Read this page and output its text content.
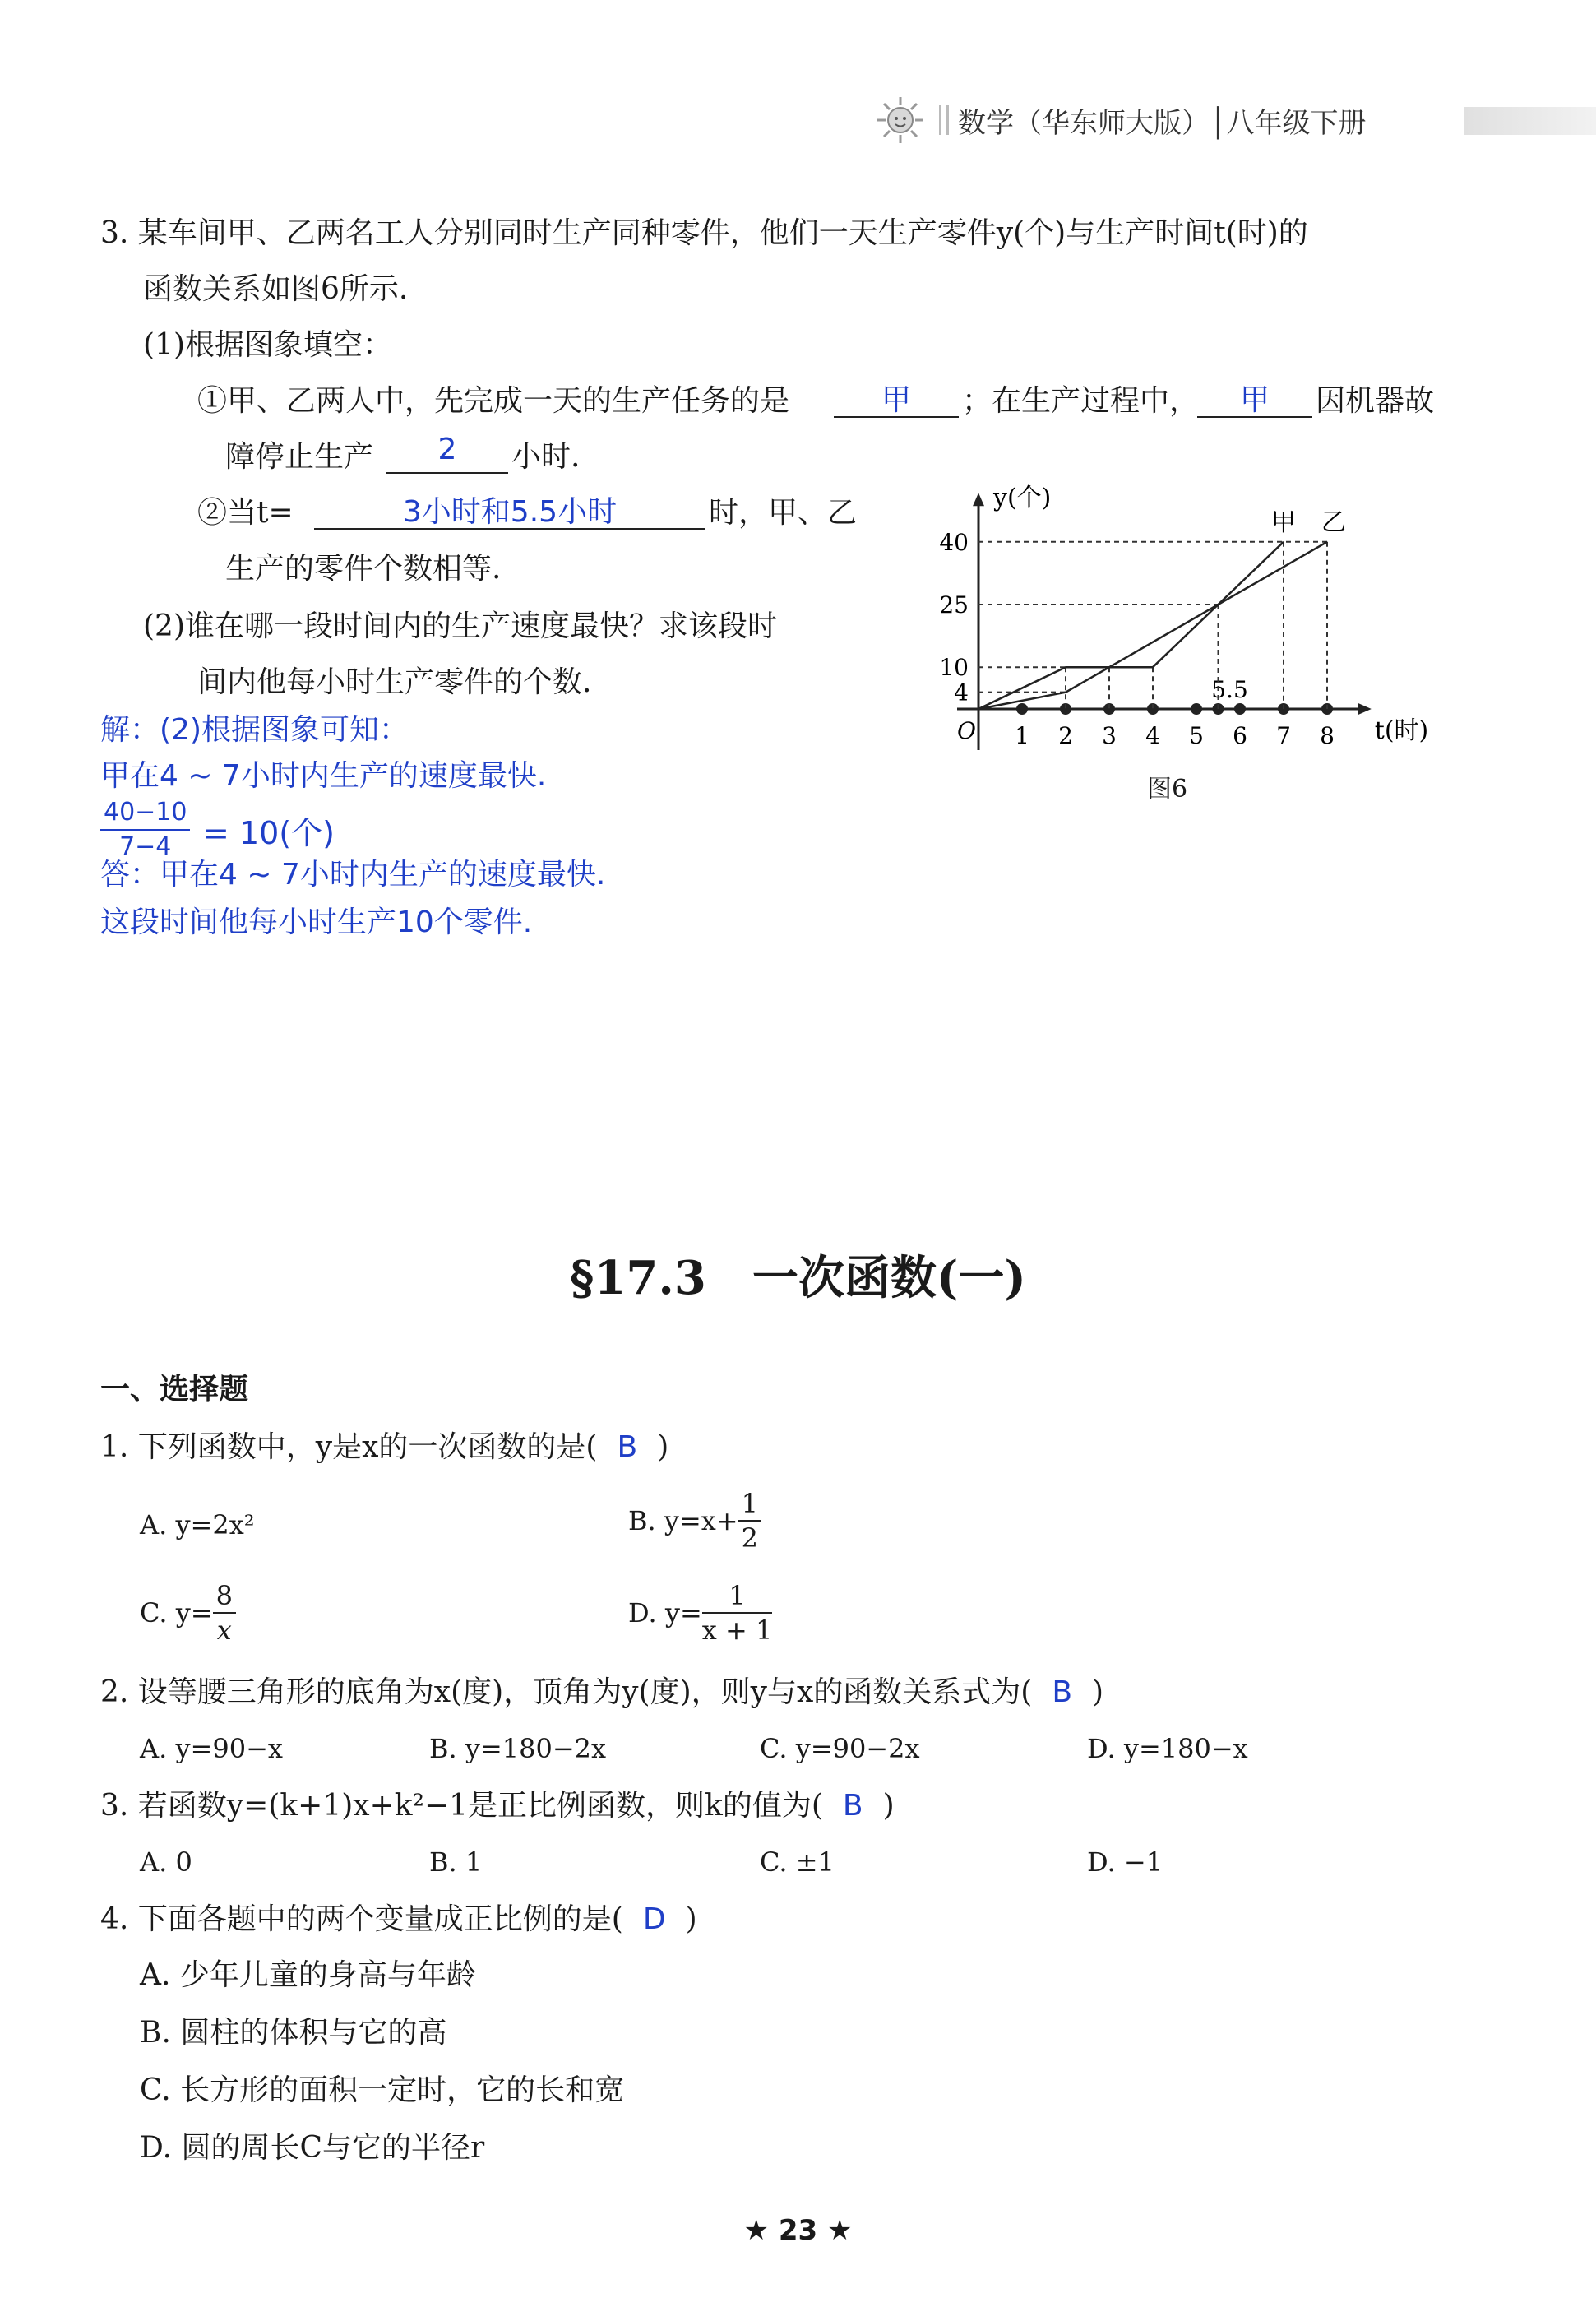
数学（华东师大版）│八年级下册
3. 某车间甲、乙两名工人分别同时生产同种零件，他们一天生产零件y(个)与生产时间t(时)的
函数关系如图6所示.
(1)根据图象填空：
①甲、乙两人中，先完成一天的生产任务的是	甲	；在生产过程中，	甲	因机器故
障停止生产	2	小时.
②当t=	3小时和5.5小时	时，甲、乙
生产的零件个数相等.
(2)谁在哪一段时间内的生产速度最快？求该段时
间内他每小时生产零件的个数.
解：(2)根据图象可知：
甲在4 ~ 7小时内生产的速度最快.
$\frac{40-10}{7-4} = 10$(个)
答：甲在4 ~ 7小时内生产的速度最快.
这段时间他每小时生产10个零件.
y(个)
t(时)
O 1 2 3 4 5 6 7 8
5.5
4
10
25
40
甲 乙
图6
§17.3　一次函数(一)
一、选择题
1. 下列函数中，y是x的一次函数的是( B )
A. y=2x²	B. $y=x+ \frac{1}{2}$
C. $y= \frac{8}{x}$	D. $y= \frac{1}{x + 1}$
2. 设等腰三角形的底角为x(度)，顶角为y(度)，则y与x的函数关系式为( B )
A. y=90−x	B. y=180−2x	C. y=90−2x	D. y=180−x
3. 若函数y=(k+1)x+k²−1是正比例函数，则k的值为( B )
A. 0	B. 1	C. ±1	D. −1
4. 下面各题中的两个变量成正比例的是( D )
A. 少年儿童的身高与年龄
B. 圆柱的体积与它的高
C. 长方形的面积一定时，它的长和宽
D. 圆的周长C与它的半径r
★ 23 ★
